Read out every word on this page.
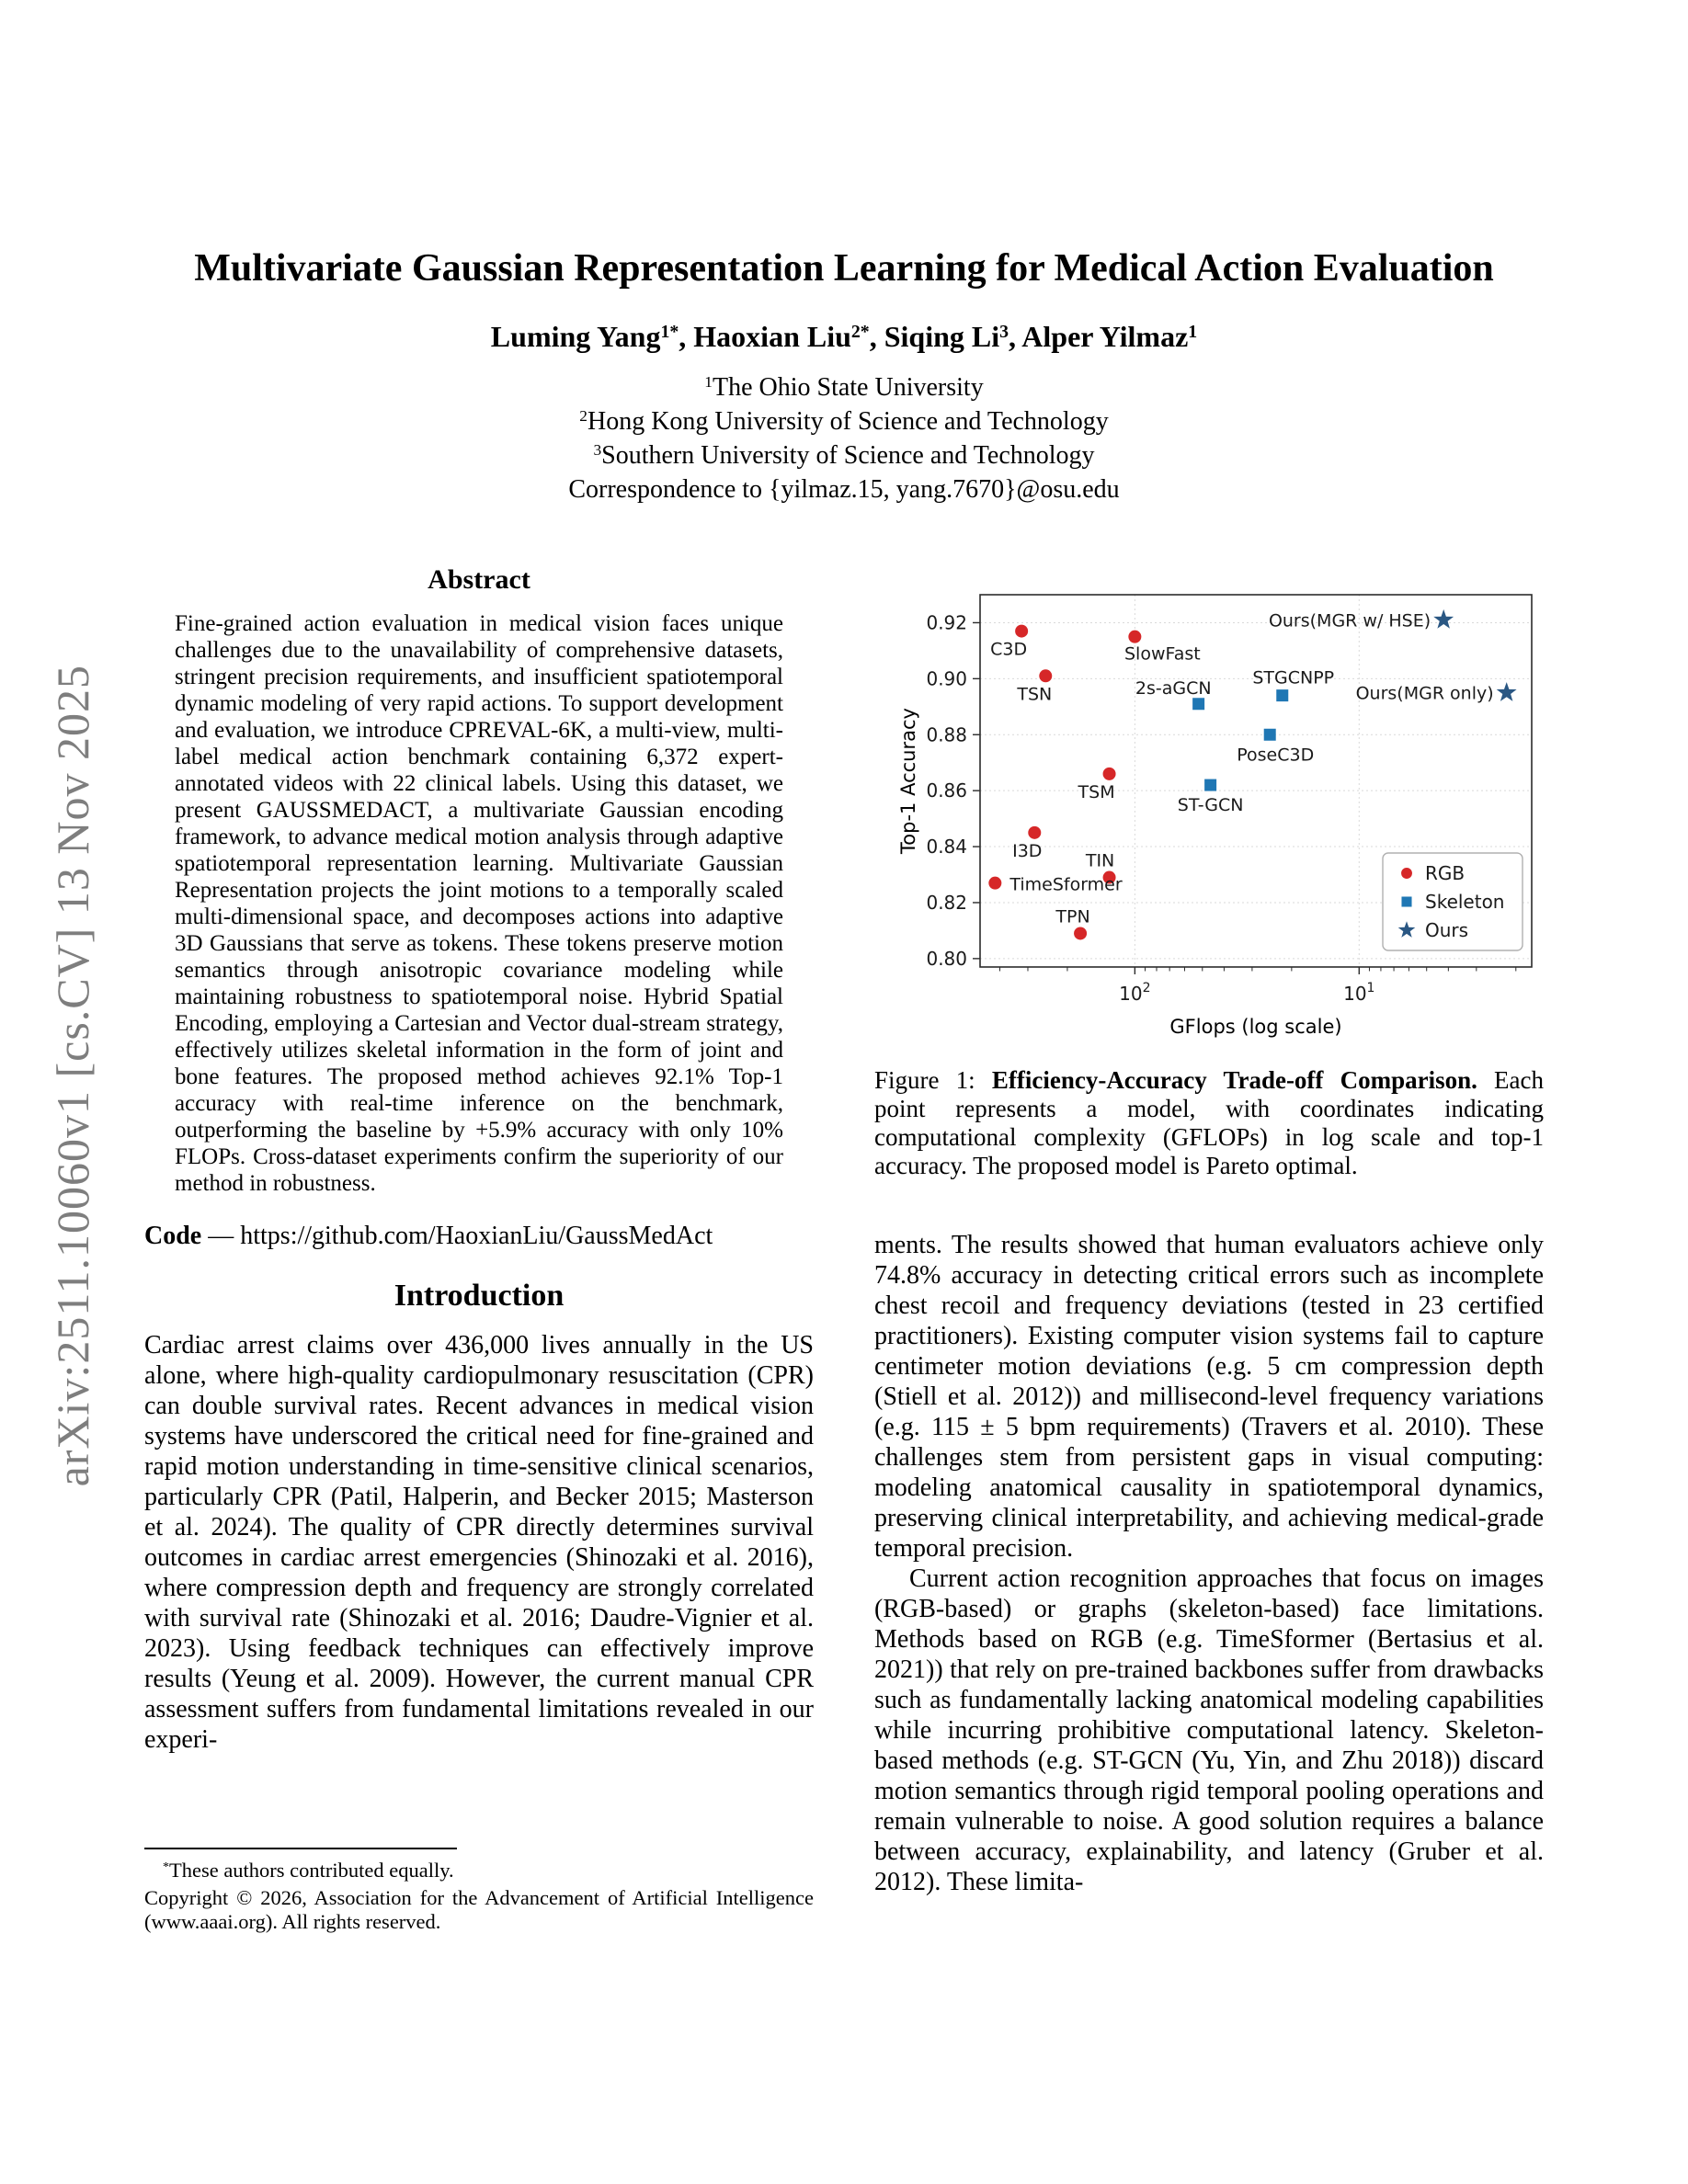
arXiv:2511.10060v1 [cs.CV] 13 Nov 2025
Multivariate Gaussian Representation Learning for Medical Action Evaluation
Luming Yang$^{1*}$, Haoxian Liu$^{2*}$, Siqing Li$^3$, Alper Yilmaz$^1$
$^1$The Ohio State University
$^2$Hong Kong University of Science and Technology
$^3$Southern University of Science and Technology
Correspondence to {yilmaz.15, yang.7670}@osu.edu
Abstract

Fine-grained action evaluation in medical vision faces unique challenges due to the unavailability of comprehensive datasets, stringent precision requirements, and insufficient spatiotemporal dynamic modeling of very rapid actions. To support development and evaluation, we introduce CPREVAL-6K, a multi-view, multi-label medical action benchmark containing 6,372 expert-annotated videos with 22 clinical labels. Using this dataset, we present GAUSSMEDACT, a multivariate Gaussian encoding framework, to advance medical motion analysis through adaptive spatiotemporal representation learning. Multivariate Gaussian Representation projects the joint motions to a temporally scaled multi-dimensional space, and decomposes actions into adaptive 3D Gaussians that serve as tokens. These tokens preserve motion semantics through anisotropic covariance modeling while maintaining robustness to spatiotemporal noise. Hybrid Spatial Encoding, employing a Cartesian and Vector dual-stream strategy, effectively utilizes skeletal information in the form of joint and bone features. The proposed method achieves 92.1% Top-1 accuracy with real-time inference on the benchmark, outperforming the baseline by +5.9% accuracy with only 10% FLOPs. Cross-dataset experiments confirm the superiority of our method in robustness.

Code — https://github.com/HaoxianLiu/GaussMedAct

Introduction

Cardiac arrest claims over 436,000 lives annually in the US alone, where high-quality cardiopulmonary resuscitation (CPR) can double survival rates. Recent advances in medical vision systems have underscored the critical need for fine-grained and rapid motion understanding in time-sensitive clinical scenarios, particularly CPR (Patil, Halperin, and Becker 2015; Masterson et al. 2024). The quality of CPR directly determines survival outcomes in cardiac arrest emergencies (Shinozaki et al. 2016), where compression depth and frequency are strongly correlated with survival rate (Shinozaki et al. 2016; Daudre-Vignier et al. 2023). Using feedback techniques can effectively improve results (Yeung et al. 2009). However, the current manual CPR assessment suffers from fundamental limitations revealed in our experi-

*These authors contributed equally.

Copyright © 2026, Association for the Advancement of Artificial Intelligence (www.aaai.org). All rights reserved.

0.80
0.82
0.84
0.86
0.88
0.90
0.92
$10^2$	$10^1$
GFlops (log scale)
Top-1 Accuracy
C3D	SlowFast
TSN
TSM
I3D TIN
TimeSformer
TPN
2s-aGCN
STGCNPP
PoseC3D
ST-GCN
Ours(MGR w/ HSE)
Ours(MGR only)
RGB
Skeleton
Ours
Figure 1: Efficiency-Accuracy Trade-off Comparison. Each point represents a model, with coordinates indicating computational complexity (GFLOPs) in log scale and top-1 accuracy. The proposed model is Pareto optimal.

ments. The results showed that human evaluators achieve only 74.8% accuracy in detecting critical errors such as incomplete chest recoil and frequency deviations (tested in 23 certified practitioners). Existing computer vision systems fail to capture centimeter motion deviations (e.g. 5 cm compression depth (Stiell et al. 2012)) and millisecond-level frequency variations (e.g. 115 ± 5 bpm requirements) (Travers et al. 2010). These challenges stem from persistent gaps in visual computing: modeling anatomical causality in spatiotemporal dynamics, preserving clinical interpretability, and achieving medical-grade temporal precision.

Current action recognition approaches that focus on images (RGB-based) or graphs (skeleton-based) face limitations. Methods based on RGB (e.g. TimeSformer (Bertasius et al. 2021)) that rely on pre-trained backbones suffer from drawbacks such as fundamentally lacking anatomical modeling capabilities while incurring prohibitive computational latency. Skeleton-based methods (e.g. ST-GCN (Yu, Yin, and Zhu 2018)) discard motion semantics through rigid temporal pooling operations and remain vulnerable to noise. A good solution requires a balance between accuracy, explainability, and latency (Gruber et al. 2012). These limita-
